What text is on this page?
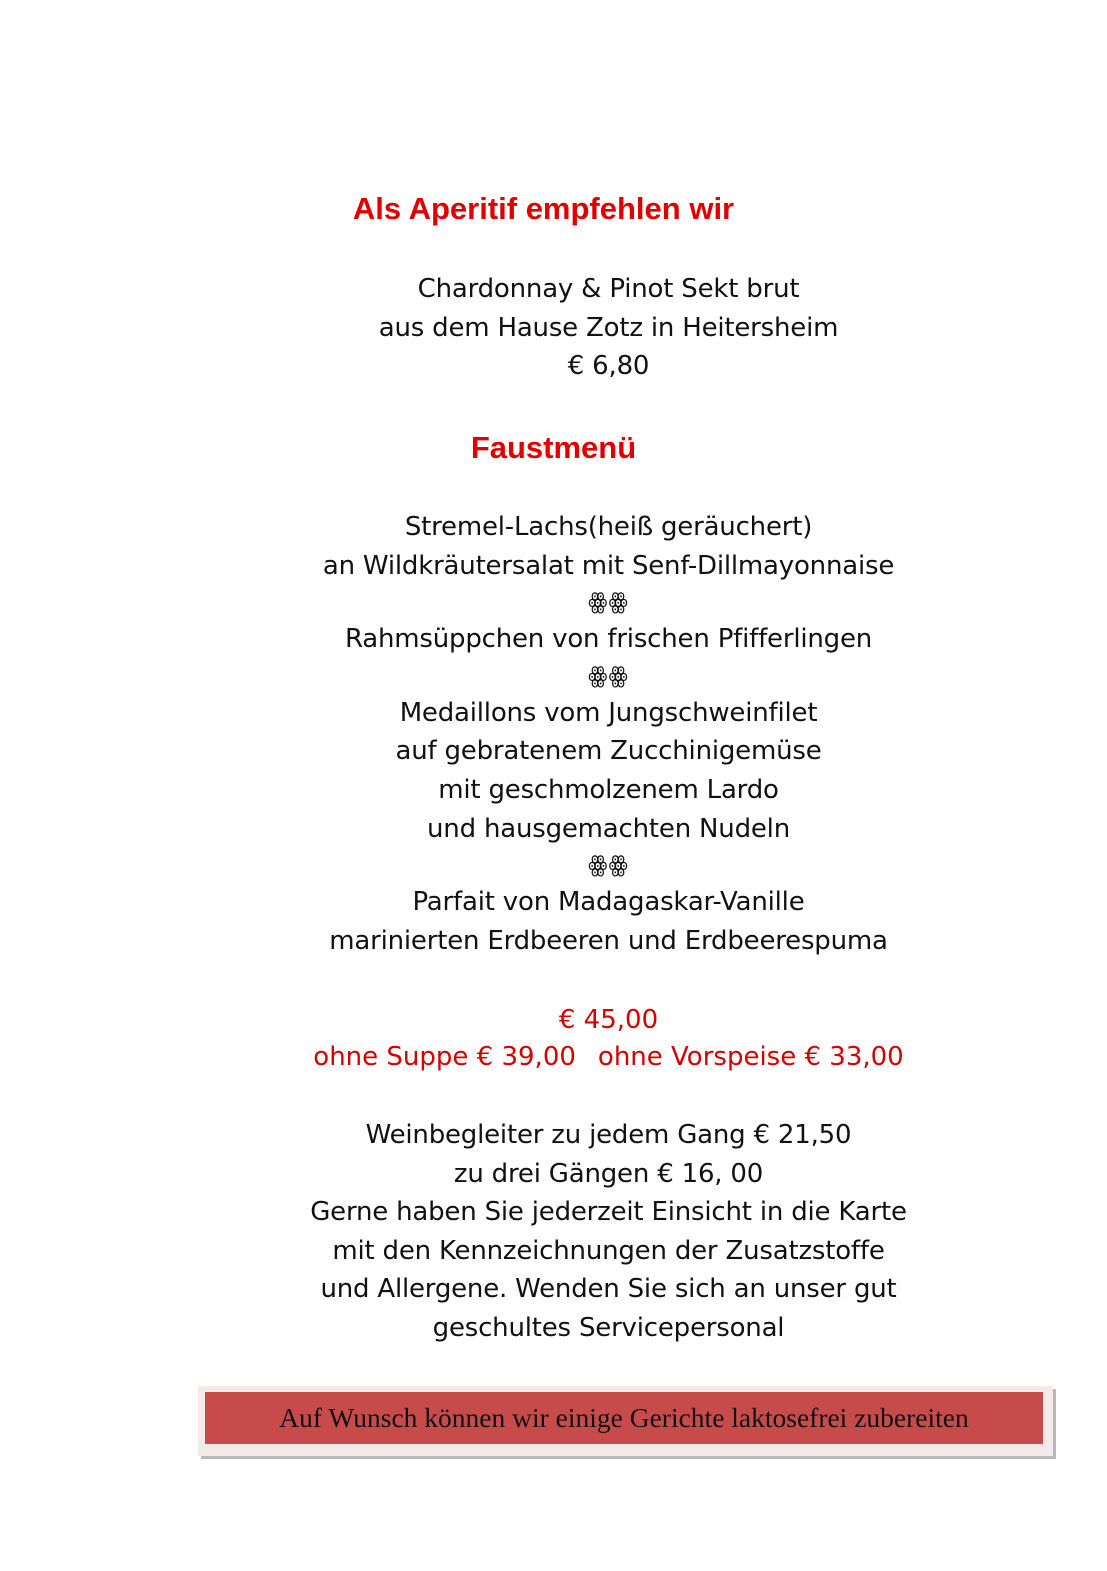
Als Aperitif empfehlen wir
Chardonnay & Pinot Sekt brut
aus dem Hause Zotz in Heitersheim
€ 6,80
Faustmenü
Stremel-Lachs(heiß geräuchert)
an Wildkräutersalat mit Senf-Dillmayonnaise
ꙮꙮ
Rahmsüppchen von frischen Pfifferlingen
ꙮꙮ
Medaillons vom Jungschweinfilet
auf gebratenem Zucchinigemüse
mit geschmolzenem Lardo
und hausgemachten Nudeln
ꙮꙮ
Parfait von Madagaskar-Vanille
marinierten Erdbeeren und Erdbeerespuma
€ 45,00
ohne Suppe € 39,00 ohne Vorspeise € 33,00
Weinbegleiter zu jedem Gang € 21,50
zu drei Gängen € 16, 00
Gerne haben Sie jederzeit Einsicht in die Karte
mit den Kennzeichnungen der Zusatzstoffe
und Allergene. Wenden Sie sich an unser gut
geschultes Servicepersonal
Auf Wunsch können wir einige Gerichte laktosefrei zubereiten
